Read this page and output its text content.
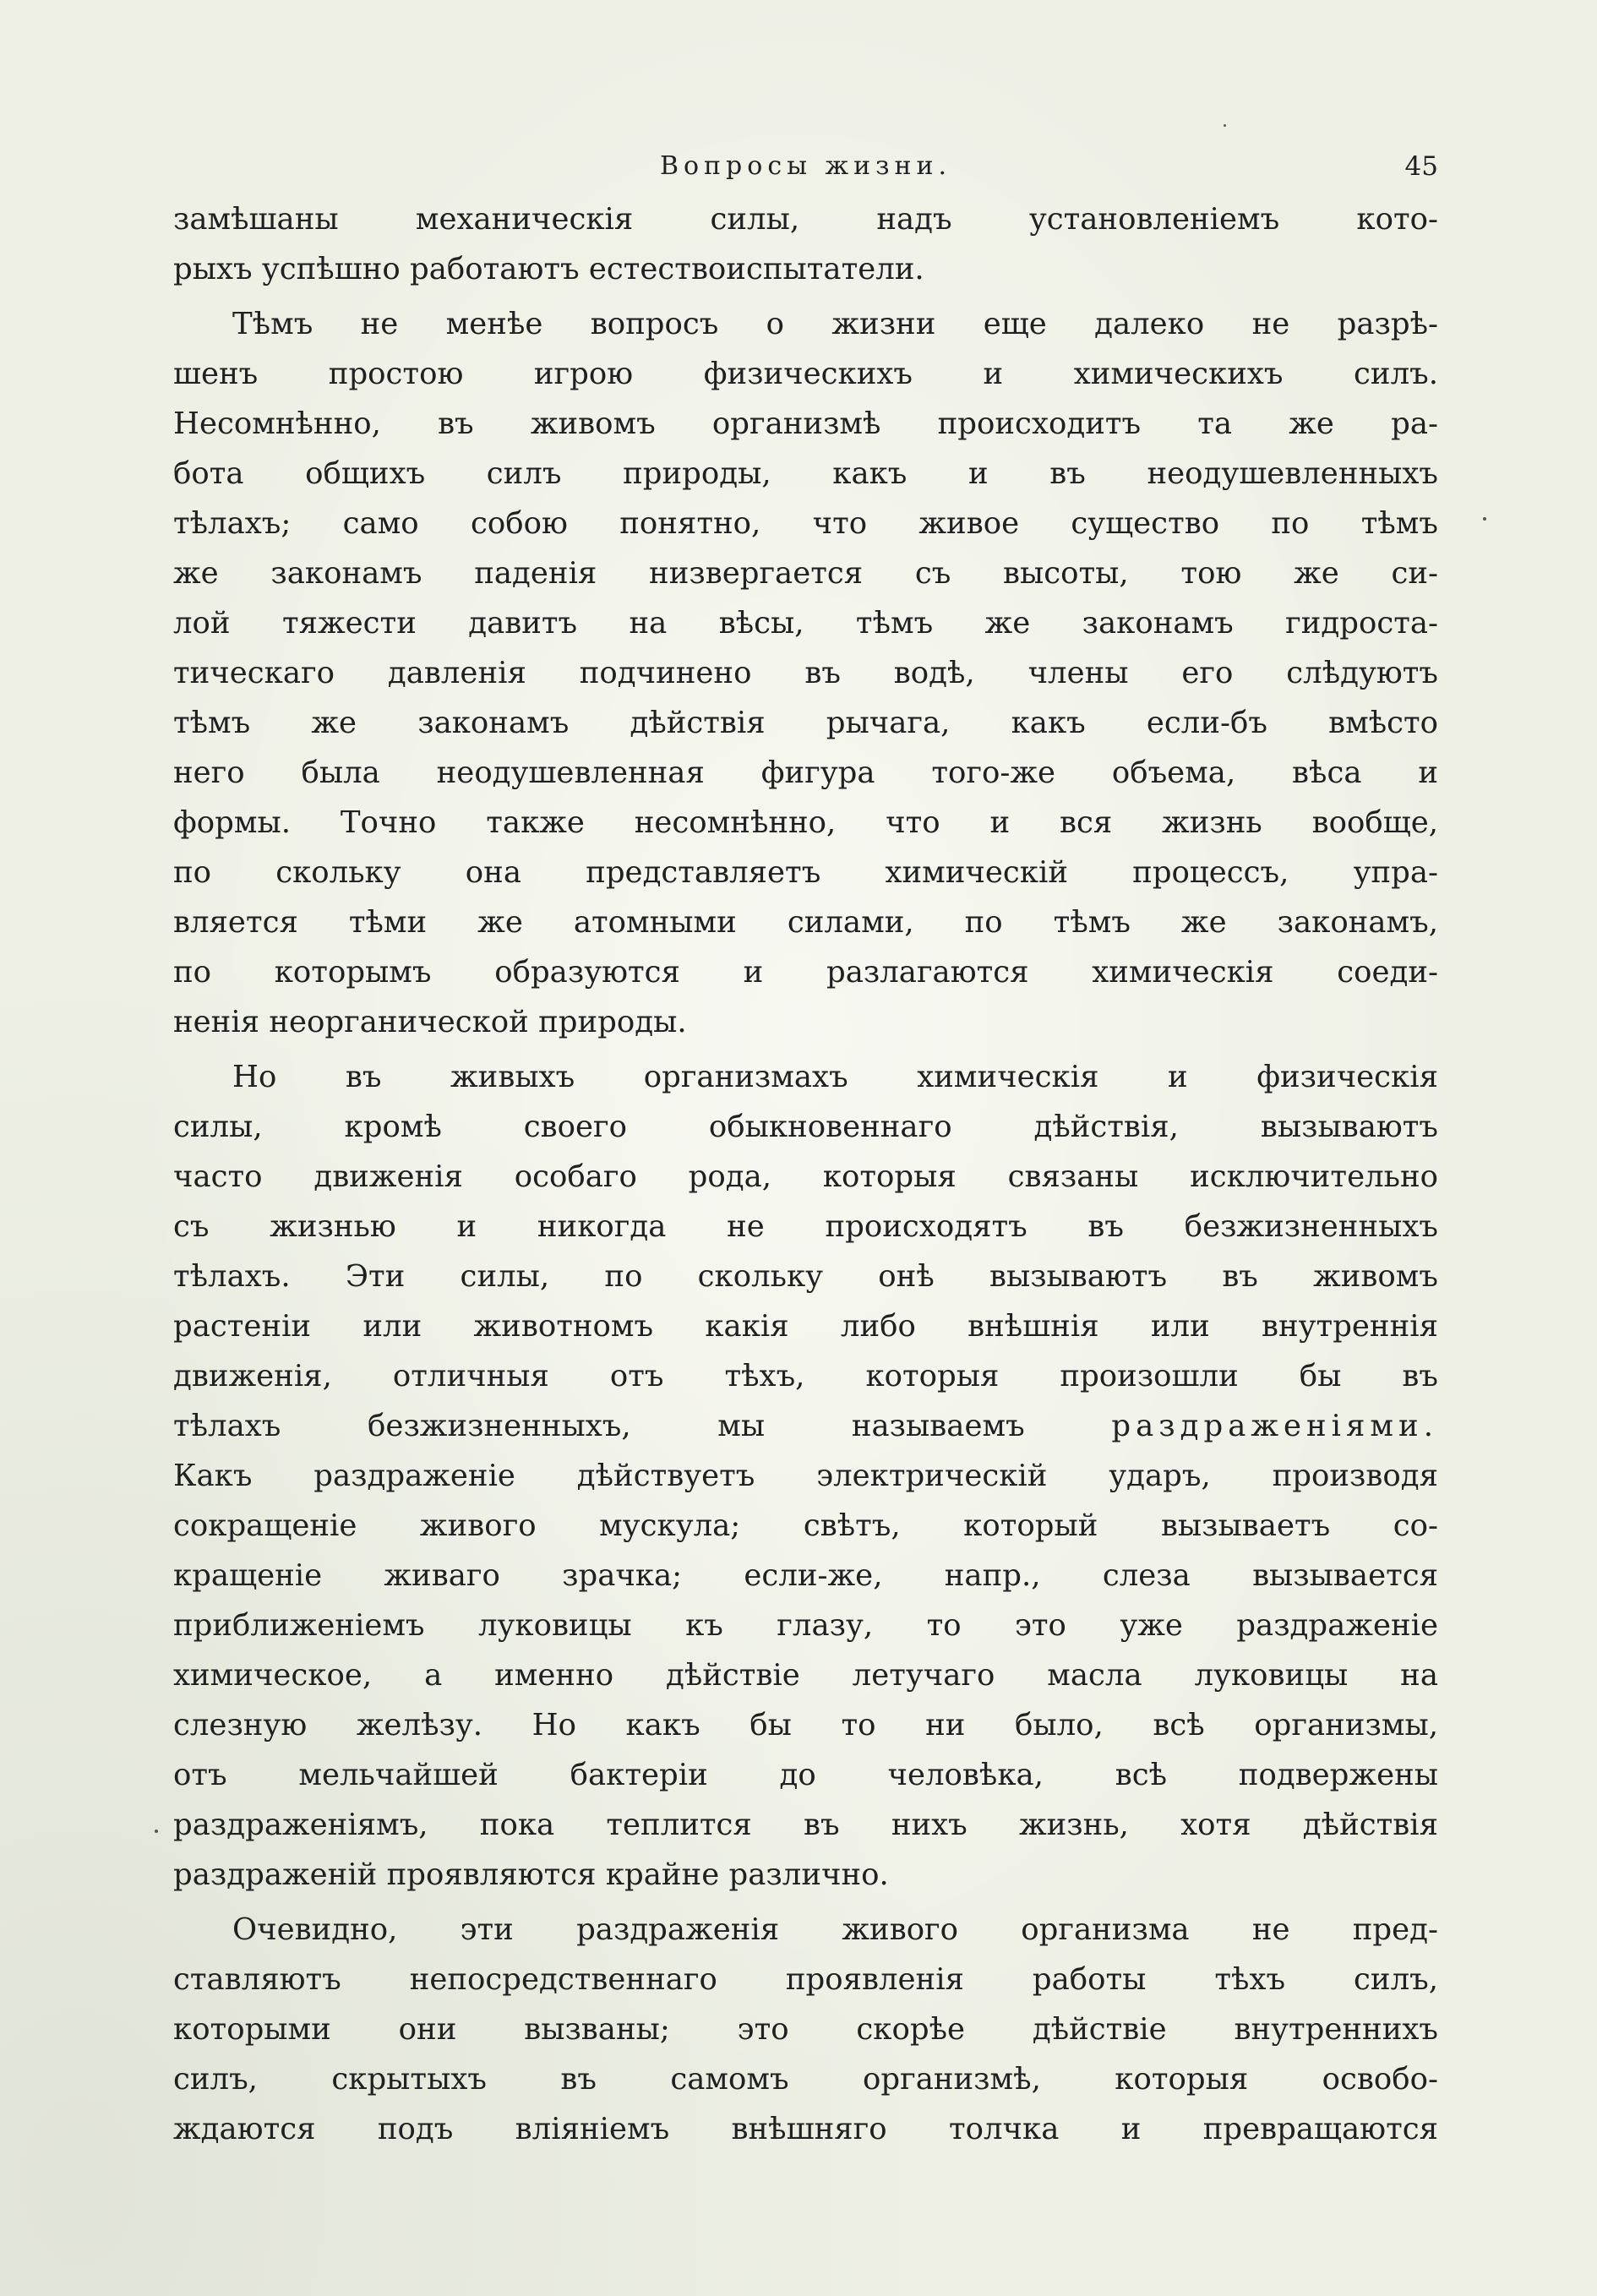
Вопросы жизни.	45

замѣшаны механическія силы, надъ установленіемъ кото-
рыхъ успѣшно работаютъ естествоиспытатели.

Тѣмъ не менѣе вопросъ о жизни еще далеко не разрѣ-
шенъ простою игрою физическихъ и химическихъ силъ.
Несомнѣнно, въ живомъ организмѣ происходитъ та же ра-
бота общихъ силъ природы, какъ и въ неодушевленныхъ
тѣлахъ; само собою понятно, что живое существо по тѣмъ
же законамъ паденія низвергается съ высоты, тою же си-
лой тяжести давитъ на вѣсы, тѣмъ же законамъ гидроста-
тическаго давленія подчинено въ водѣ, члены его слѣдуютъ
тѣмъ же законамъ дѣйствія рычага, какъ если-бъ вмѣсто
него была неодушевленная фигура того-же объема, вѣса и
формы. Точно также несомнѣнно, что и вся жизнь вообще,
по скольку она представляетъ химическій процессъ, упра-
вляется тѣми же атомными силами, по тѣмъ же законамъ,
по которымъ образуются и разлагаются химическія соеди-
ненія неорганической природы.

Но въ живыхъ организмахъ химическія и физическія
силы, кромѣ своего обыкновеннаго дѣйствія, вызываютъ
часто движенія особаго рода, которыя связаны исключительно
съ жизнью и никогда не происходятъ въ безжизненныхъ
тѣлахъ. Эти силы, по скольку онѣ вызываютъ въ живомъ
растеніи или животномъ какія либо внѣшнія или внутреннія
движенія, отличныя отъ тѣхъ, которыя произошли бы въ
тѣлахъ безжизненныхъ, мы называемъ	раздраженіями.
Какъ раздраженіе дѣйствуетъ электрическій ударъ, производя
сокращеніе живого мускула; свѣтъ, который вызываетъ со-
кращеніе живаго зрачка; если-же, напр., слеза вызывается
приближеніемъ луковицы къ глазу, то это уже раздраженіе
химическое, а именно дѣйствіе летучаго масла луковицы на
слезную желѣзу. Но какъ бы то ни было, всѣ организмы,
отъ мельчайшей бактеріи до человѣка, всѣ подвержены
раздраженіямъ, пока теплится въ нихъ жизнь, хотя дѣйствія
раздраженій проявляются крайне различно.

Очевидно, эти раздраженія живого организма не пред-
ставляютъ непосредственнаго проявленія работы тѣхъ силъ,
которыми они вызваны; это скорѣе дѣйствіе внутреннихъ
силъ, скрытыхъ въ самомъ организмѣ, которыя освобо-
ждаются подъ вліяніемъ внѣшняго толчка и превращаются
